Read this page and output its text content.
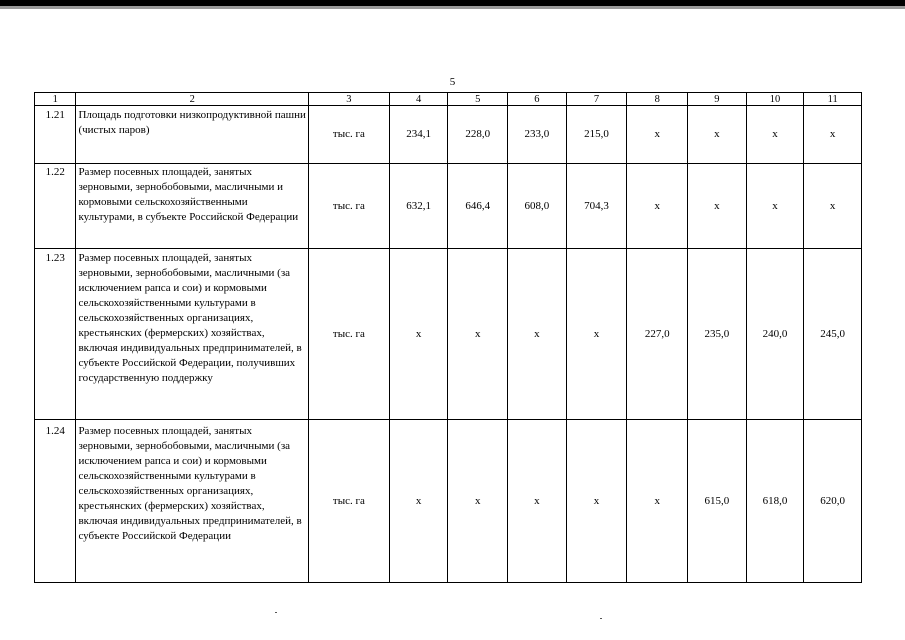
5
1	2	3	4	5	6	7	8	9	10	11
1.21	Площадь подготовки низкопродуктивной пашни (чистых паров)	тыс. га	234,1	228,0	233,0	215,0	x	x	x	x
1.22	Размер посевных площадей, занятых зерновыми, зернобобовыми, масличными и кормовыми сельскохозяйственными культурами, в субъекте Российской Федерации	тыс. га	632,1	646,4	608,0	704,3	x	x	x	x
1.23	Размер посевных площадей, занятых зерновыми, зернобобовыми, масличными (за исключением рапса и сои) и кормовыми сельскохозяйственными культурами в сельскохозяйственных организациях, крестьянских (фермерских) хозяйствах, включая индивидуальных предпринимателей, в субъекте Российской Федерации, получивших государственную поддержку	тыс. га	x	x	x	x	227,0	235,0	240,0	245,0
1.24	Размер посевных площадей, занятых зерновыми, зернобобовыми, масличными (за исключением рапса и сои) и кормовыми сельскохозяйственными культурами в сельскохозяйственных организациях, крестьянских (фермерских) хозяйствах, включая индивидуальных предпринимателей, в субъекте Российской Федерации	тыс. га	x	x	x	x	x	615,0	618,0	620,0
